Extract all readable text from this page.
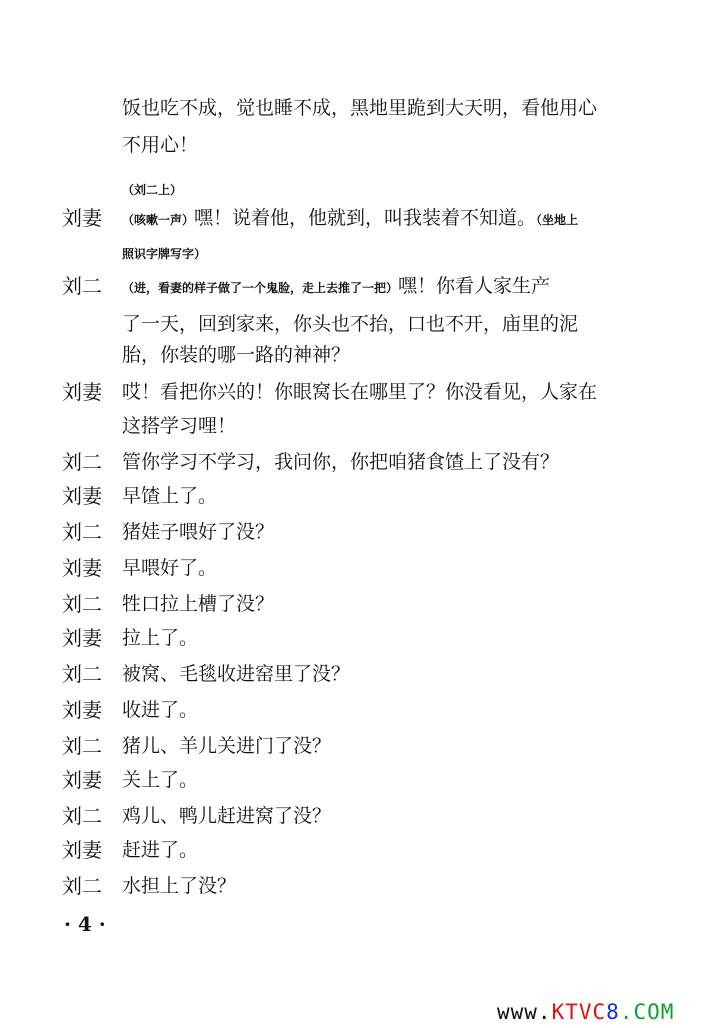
饭也吃不成，觉也睡不成，黑地里跪到大天明，看他用心
不用心！
（刘二上）
刘妻 （咳嗽一声）嘿！说着他，他就到，叫我装着不知道。（坐地上
照识字牌写字）
刘二 （进，看妻的样子做了一个鬼脸，走上去推了一把）嘿！你看人家生产
了一天，回到家来，你头也不抬，口也不开，庙里的泥
胎，你装的哪一路的神神？
刘妻 哎！看把你兴的！你眼窝长在哪里了？你没看见，人家在
这搭学习哩！
刘二 管你学习不学习，我问你，你把咱猪食馇上了没有？
刘妻 早馇上了。
刘二 猪娃子喂好了没？
刘妻 早喂好了。
刘二 牲口拉上槽了没？
刘妻 拉上了。
刘二 被窝、毛毯收进窑里了没？
刘妻 收进了。
刘二 猪儿、羊儿关进门了没？
刘妻 关上了。
刘二 鸡儿、鸭儿赶进窝了没？
刘妻 赶进了。
刘二 水担上了没？
· 4 ·
www.KTVC8.COM
